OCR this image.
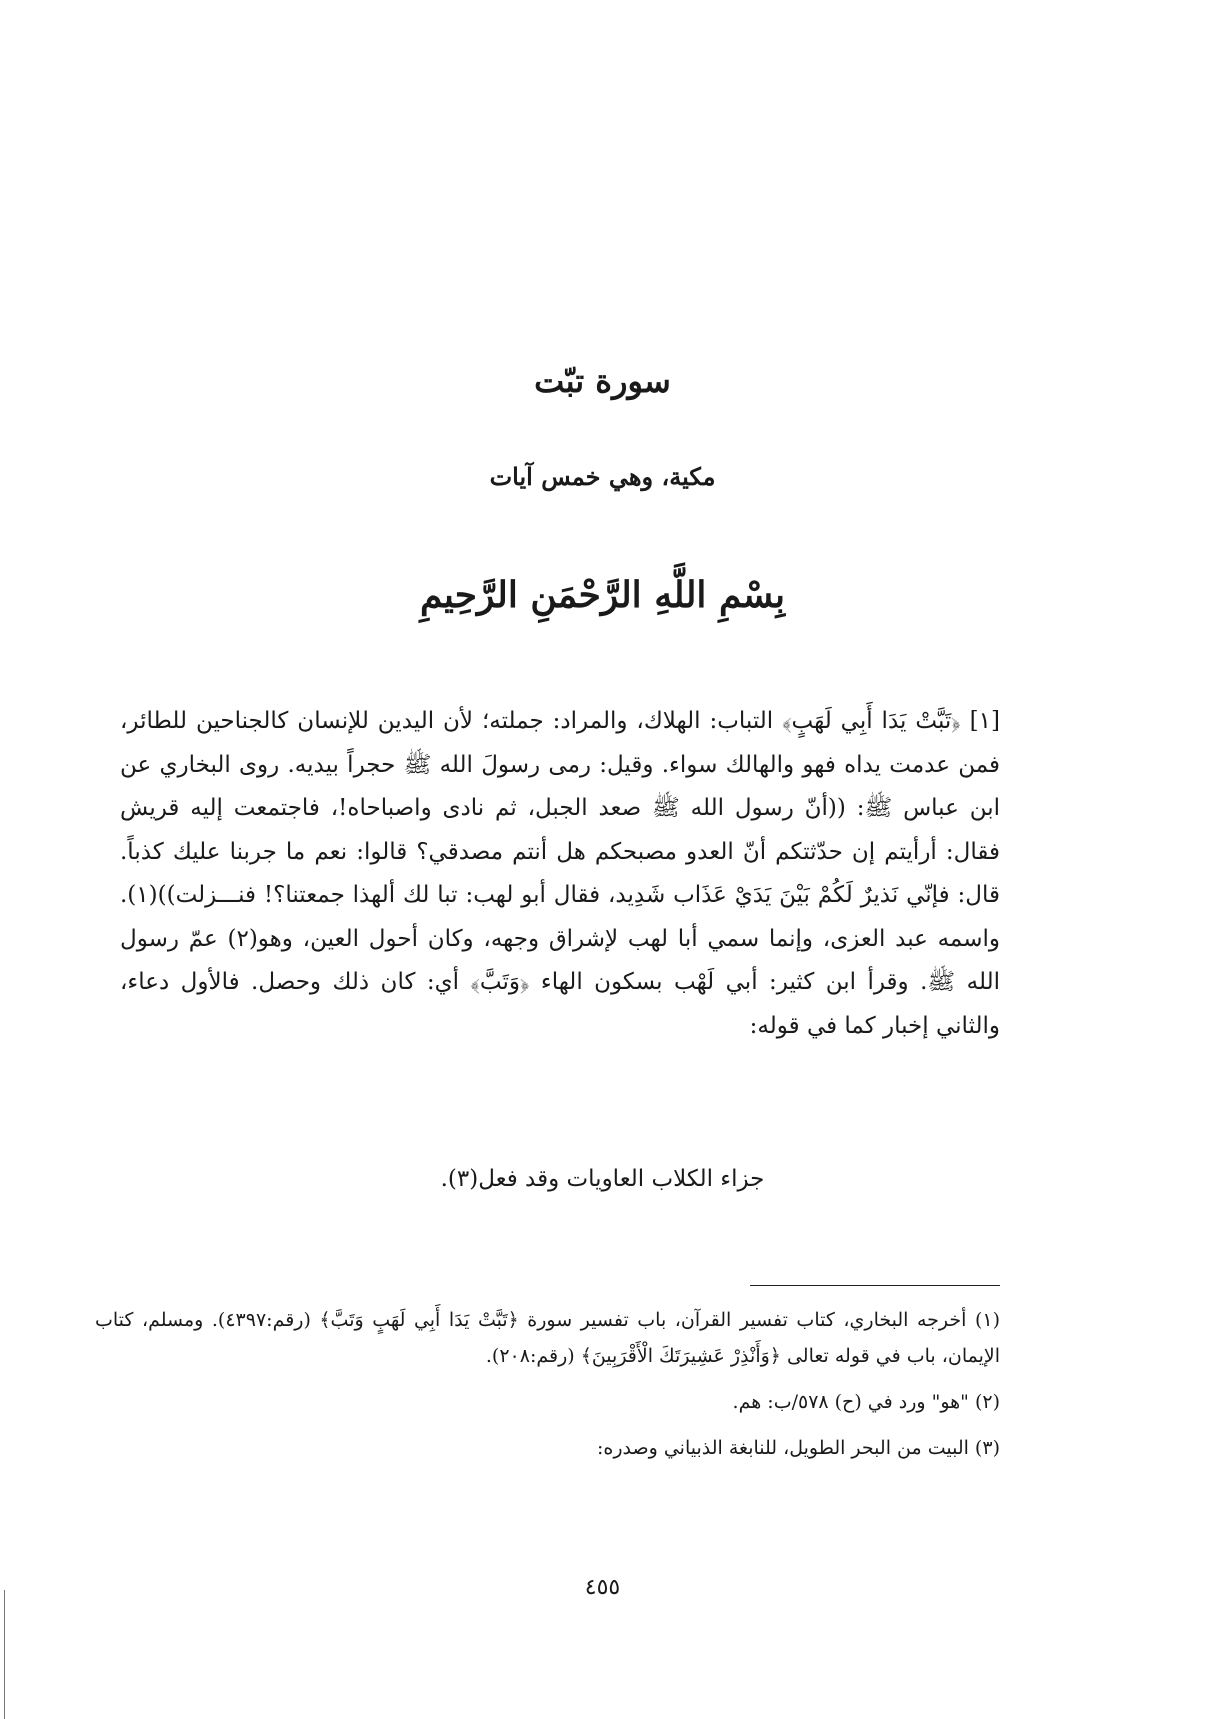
سورة تبّت
مكية، وهي خمس آيات

بِسْمِ اللَّهِ الرَّحْمَنِ الرَّحِيمِ

[١] ﴿تَبَّتْ يَدَا أَبِي لَهَبٍ﴾ التباب: الهلاك، والمراد: جملته؛ لأن اليدين للإنسان كالجناحين للطائر، فمن عدمت يداه فهو والهالك سواء. وقيل: رمى رسولَ الله ﷺ حجراً بيديه. روى البخاري عن ابن عباس ﷺ: ((أنّ رسول الله ﷺ صعد الجبل، ثم نادى واصباحاه!، فاجتمعت إليه قريش فقال: أرأيتم إن حدّثتكم أنّ العدو مصبحكم هل أنتم مصدقي؟ قالوا: نعم ما جربنا عليك كذباً. قال: فإنّي نَذيرٌ لَكُمْ بَيْنَ يَدَيْ عَذَاب شَدِيد، فقال أبو لهب: تبا لك ألهذا جمعتنا؟! فنـــزلت))(١). واسمه عبد العزى، وإنما سمي أبا لهب لإشراق وجهه، وكان أحول العين، وهو(٢) عمّ رسول الله ﷺ. وقرأ ابن كثير: أبي لَهْب بسكون الهاء ﴿وَتَبَّ﴾ أي: كان ذلك وحصل. فالأول دعاء، والثاني إخبار كما في قوله:

جزاء الكلاب العاويات وقد فعل(٣).

(١) أخرجه البخاري، كتاب تفسير القرآن، باب تفسير سورة ﴿تَبَّتْ يَدَا أَبِي لَهَبٍ وَتَبَّ﴾ (رقم:٤٣٩٧). ومسلم، كتاب الإيمان، باب في قوله تعالى ﴿وَأَنْذِرْ عَشِيرَتَكَ الْأَقْرَبِينَ﴾ (رقم:٢٠٨).

(٢) "هو" ورد في (ح) ٥٧٨/ب: هم.

(٣) البيت من البحر الطويل، للنابغة الذبياني وصدره:

٤٥٥
